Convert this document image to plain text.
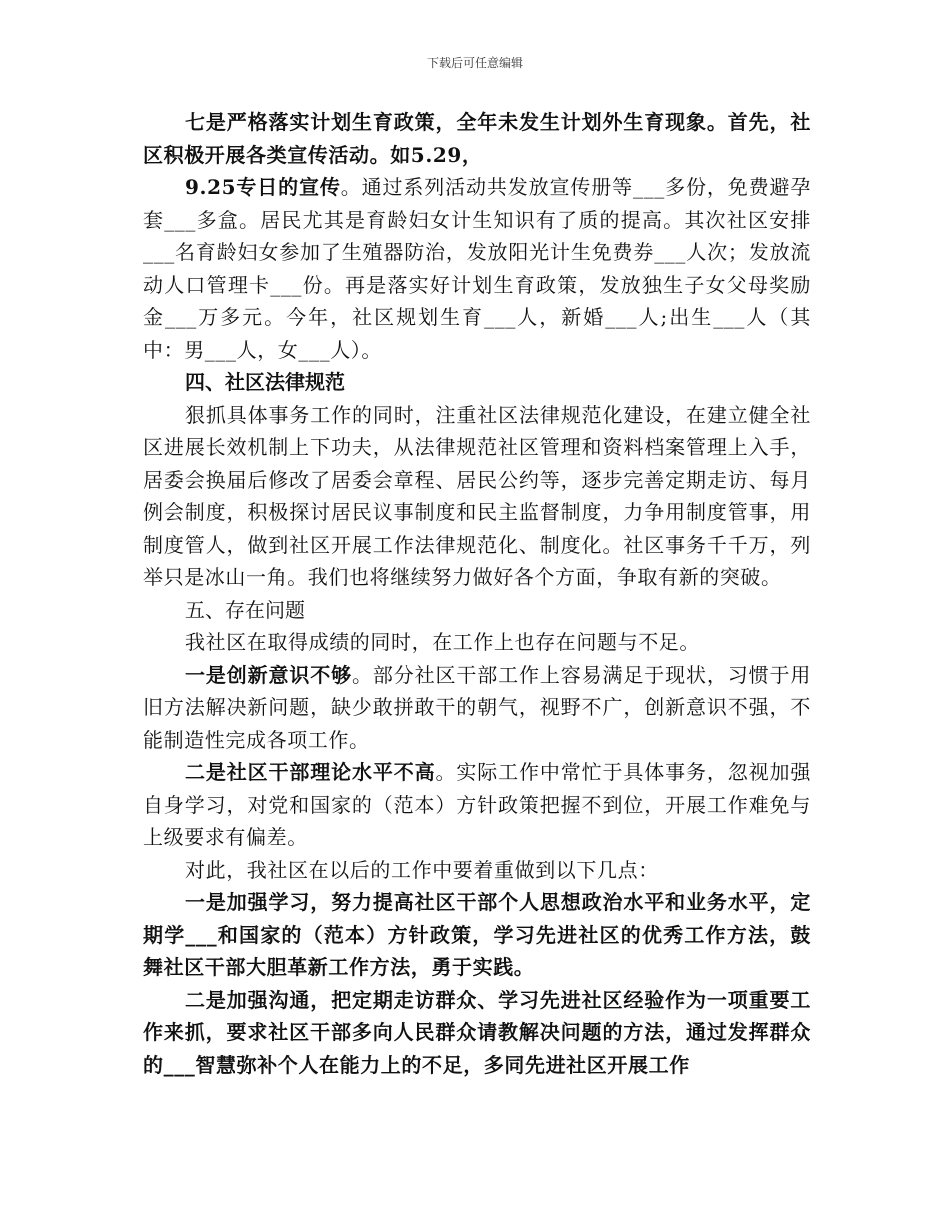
下载后可任意编辑

七是严格落实计划生育政策，全年未发生计划外生育现象。首先，社区积极开展各类宣传活动。如5.29，

9.25专日的宣传。通过系列活动共发放宣传册等___多份，免费避孕套___多盒。居民尤其是育龄妇女计生知识有了质的提高。其次社区安排___名育龄妇女参加了生殖器防治，发放阳光计生免费券___人次；发放流动人口管理卡___份。再是落实好计划生育政策，发放独生子女父母奖励金___万多元。今年，社区规划生育___人，新婚___人;出生___人（其中：男___人，女___人）。

四、社区法律规范

狠抓具体事务工作的同时，注重社区法律规范化建设，在建立健全社区进展长效机制上下功夫，从法律规范社区管理和资料档案管理上入手，居委会换届后修改了居委会章程、居民公约等，逐步完善定期走访、每月例会制度，积极探讨居民议事制度和民主监督制度，力争用制度管事，用制度管人，做到社区开展工作法律规范化、制度化。社区事务千千万，列举只是冰山一角。我们也将继续努力做好各个方面，争取有新的突破。

五、存在问题

我社区在取得成绩的同时，在工作上也存在问题与不足。

一是创新意识不够。部分社区干部工作上容易满足于现状，习惯于用旧方法解决新问题，缺少敢拼敢干的朝气，视野不广，创新意识不强，不能制造性完成各项工作。

二是社区干部理论水平不高。实际工作中常忙于具体事务，忽视加强自身学习，对党和国家的（范本）方针政策把握不到位，开展工作难免与上级要求有偏差。

对此，我社区在以后的工作中要着重做到以下几点：

一是加强学习，努力提高社区干部个人思想政治水平和业务水平，定期学___和国家的（范本）方针政策，学习先进社区的优秀工作方法，鼓舞社区干部大胆革新工作方法，勇于实践。

二是加强沟通，把定期走访群众、学习先进社区经验作为一项重要工作来抓，要求社区干部多向人民群众请教解决问题的方法，通过发挥群众的___智慧弥补个人在能力上的不足，多同先进社区开展工作
